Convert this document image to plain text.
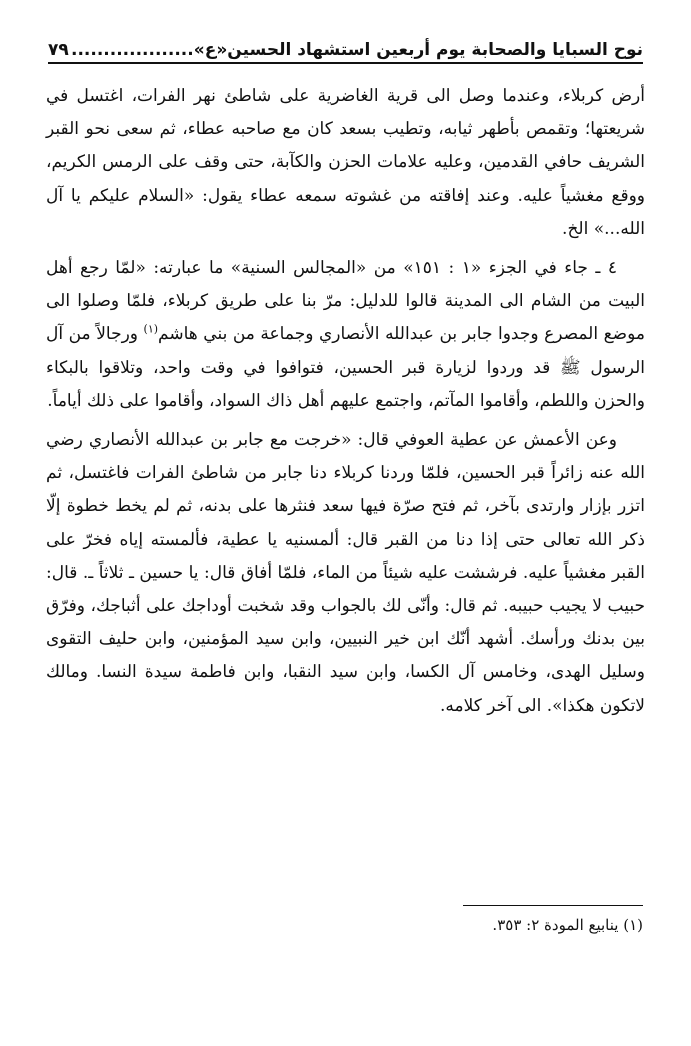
نوح السبايا والصحابة يوم أربعين استشهاد الحسين«ع»...................
٧٩

أرض كربلاء، وعندما وصل الى قرية الغاضرية على شاطئ نهر الفرات، اغتسل في شريعتها؛ وتقمص بأطهر ثيابه، وتطيب بسعد كان مع صاحبه عطاء، ثم سعى نحو القبر الشريف حافي القدمين، وعليه علامات الحزن والكآبة، حتى وقف على الرمس الكريم، ووقع مغشياً عليه. وعند إفاقته من غشوته سمعه عطاء يقول: «السلام عليكم يا آل الله...» الخ.

٤ ـ جاء في الجزء «١ : ١٥١» من «المجالس السنية» ما عبارته: «لمّا رجع أهل البيت من الشام الى المدينة قالوا للدليل: مرّ بنا على طريق كربلاء، فلمّا وصلوا الى موضع المصرع وجدوا جابر بن عبدالله الأنصاري وجماعة من بني هاشم$^{(١)}$ ورجالاً من آل الرسول ﷺ قد وردوا لزيارة قبر الحسين، فتوافوا في وقت واحد، وتلاقوا بالبكاء والحزن واللطم، وأقاموا المآتم، واجتمع عليهم أهل ذاك السواد، وأقاموا على ذلك أياماً.

وعن الأعمش عن عطية العوفي قال: «خرجت مع جابر بن عبدالله الأنصاري رضي الله عنه زائراً قبر الحسين، فلمّا وردنا كربلاء دنا جابر من شاطئ الفرات فاغتسل، ثم اتزر بإزار وارتدى بآخر، ثم فتح صرّة فيها سعد فنثرها على بدنه، ثم لم يخط خطوة إلّا ذكر الله تعالى حتى إذا دنا من القبر قال: ألمسنيه يا عطية، فألمسته إياه فخرّ على القبر مغشياً عليه. فرششت عليه شيئاً من الماء، فلمّا أفاق قال: يا حسين ـ ثلاثاً ـ. قال: حبيب لا يجيب حبيبه. ثم قال: وأنّى لك بالجواب وقد شخبت أوداجك على أثباجك، وفرّق بين بدنك ورأسك. أشهد أنّك ابن خير النبيين، وابن سيد المؤمنين، وابن حليف التقوى وسليل الهدى، وخامس آل الكسا، وابن سيد النقبا، وابن فاطمة سيدة النسا. ومالك لاتكون هكذا». الى آخر كلامه.

(١) ينابيع المودة ٢: ٣٥٣.
